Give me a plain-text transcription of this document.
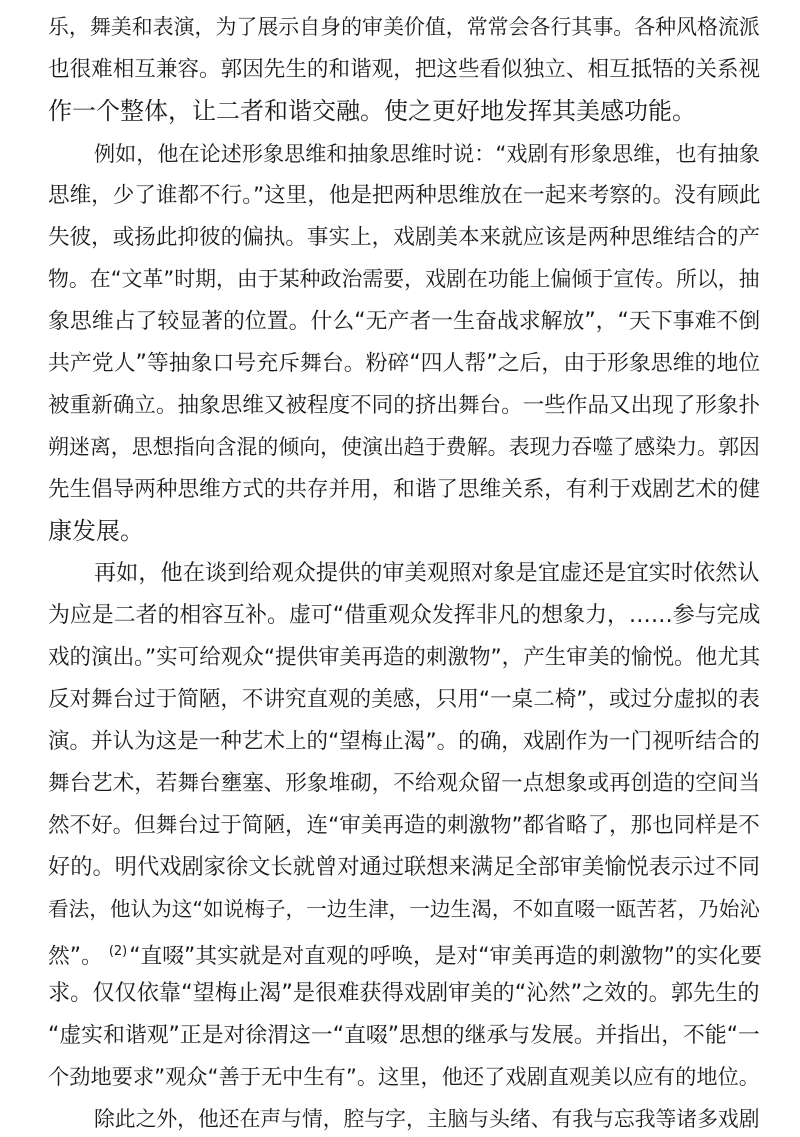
乐，舞美和表演，为了展示自身的审美价值，常常会各行其事。各种风格流派
也很难相互兼容。郭因先生的和谐观，把这些看似独立、相互抵牾的关系视
作一个整体，让二者和谐交融。使之更好地发挥其美感功能。
例如，他在论述形象思维和抽象思维时说：“戏剧有形象思维，也有抽象
思维，少了谁都不行。”这里，他是把两种思维放在一起来考察的。没有顾此
失彼，或扬此抑彼的偏执。事实上，戏剧美本来就应该是两种思维结合的产
物。在“文革”时期，由于某种政治需要，戏剧在功能上偏倾于宣传。所以，抽
象思维占了较显著的位置。什么“无产者一生奋战求解放”，“天下事难不倒
共产党人”等抽象口号充斥舞台。粉碎“四人帮”之后，由于形象思维的地位
被重新确立。抽象思维又被程度不同的挤出舞台。一些作品又出现了形象扑
朔迷离，思想指向含混的倾向，使演出趋于费解。表现力吞噬了感染力。郭因
先生倡导两种思维方式的共存并用，和谐了思维关系，有利于戏剧艺术的健
康发展。
再如，他在谈到给观众提供的审美观照对象是宜虚还是宜实时依然认
为应是二者的相容互补。虚可“借重观众发挥非凡的想象力，……参与完成
戏的演出。”实可给观众“提供审美再造的刺激物”，产生审美的愉悦。他尤其
反对舞台过于简陋，不讲究直观的美感，只用“一桌二椅”，或过分虚拟的表
演。并认为这是一种艺术上的“望梅止渴”。的确，戏剧作为一门视听结合的
舞台艺术，若舞台壅塞、形象堆砌，不给观众留一点想象或再创造的空间当
然不好。但舞台过于简陋，连“审美再造的刺激物”都省略了，那也同样是不
好的。明代戏剧家徐文长就曾对通过联想来满足全部审美愉悦表示过不同
看法，他认为这“如说梅子，一边生津，一边生渴，不如直啜一瓯苦茗，乃始沁
然”。 $^{(2)}$“直啜”其实就是对直观的呼唤，是对“审美再造的刺激物”的实化要
求。仅仅依靠“望梅止渴”是很难获得戏剧审美的“沁然”之效的。郭先生的
“虚实和谐观”正是对徐渭这一“直啜”思想的继承与发展。并指出，不能“一
个劲地要求”观众“善于无中生有”。这里，他还了戏剧直观美以应有的地位。
除此之外，他还在声与情，腔与字，主脑与头绪、有我与忘我等诸多戏剧
